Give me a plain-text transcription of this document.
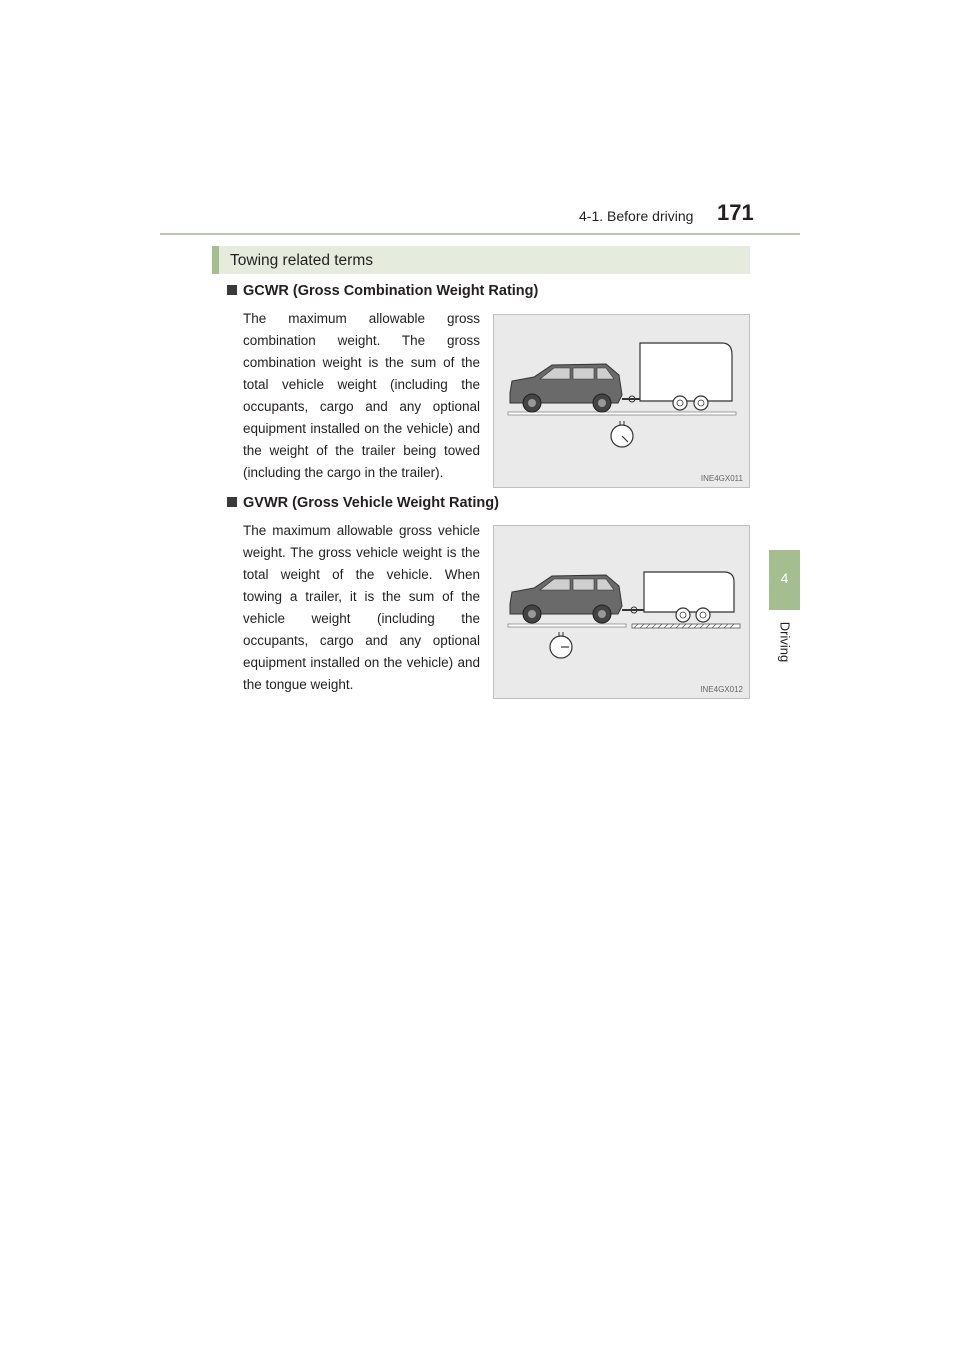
4-1. Before driving 171
4
Driving
Towing related terms
GCWR (Gross Combination Weight Rating)
The maximum allowable gross combination weight. The gross combination weight is the sum of the total vehicle weight (including the occupants, cargo and any optional equipment installed on the vehicle) and the weight of the trailer being towed (including the cargo in the trailer).	INE4GX011
GVWR (Gross Vehicle Weight Rating)
The maximum allowable gross vehicle weight. The gross vehicle weight is the total weight of the vehicle. When towing a trailer, it is the sum of the vehicle weight (including the occupants, cargo and any optional equipment installed on the vehicle) and the tongue weight.	INE4GX012
